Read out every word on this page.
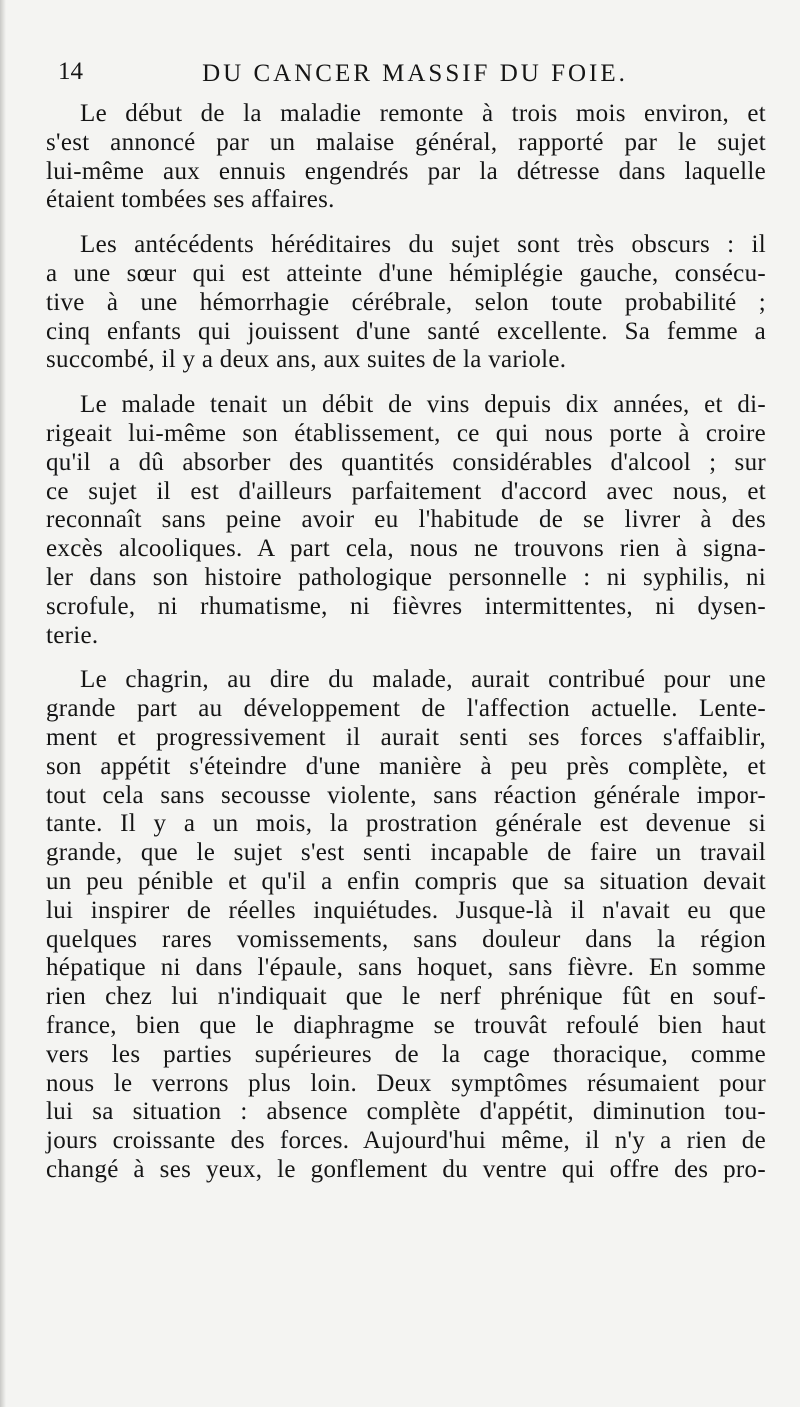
14	DU CANCER MASSIF DU FOIE.
Le début de la maladie remonte à trois mois environ, et
s'est annoncé par un malaise général, rapporté par le sujet
lui-même aux ennuis engendrés par la détresse dans laquelle
étaient tombées ses affaires.
Les antécédents héréditaires du sujet sont très obscurs : il
a une sœur qui est atteinte d'une hémiplégie gauche, consécu-
tive à une hémorrhagie cérébrale, selon toute probabilité ;
cinq enfants qui jouissent d'une santé excellente. Sa femme a
succombé, il y a deux ans, aux suites de la variole.
Le malade tenait un débit de vins depuis dix années, et di-
rigeait lui-même son établissement, ce qui nous porte à croire
qu'il a dû absorber des quantités considérables d'alcool ; sur
ce sujet il est d'ailleurs parfaitement d'accord avec nous, et
reconnaît sans peine avoir eu l'habitude de se livrer à des
excès alcooliques. A part cela, nous ne trouvons rien à signa-
ler dans son histoire pathologique personnelle : ni syphilis, ni
scrofule, ni rhumatisme, ni fièvres intermittentes, ni dysen-
terie.
Le chagrin, au dire du malade, aurait contribué pour une
grande part au développement de l'affection actuelle. Lente-
ment et progressivement il aurait senti ses forces s'affaiblir,
son appétit s'éteindre d'une manière à peu près complète, et
tout cela sans secousse violente, sans réaction générale impor-
tante. Il y a un mois, la prostration générale est devenue si
grande, que le sujet s'est senti incapable de faire un travail
un peu pénible et qu'il a enfin compris que sa situation devait
lui inspirer de réelles inquiétudes. Jusque-là il n'avait eu que
quelques rares vomissements, sans douleur dans la région
hépatique ni dans l'épaule, sans hoquet, sans fièvre. En somme
rien chez lui n'indiquait que le nerf phrénique fût en souf-
france, bien que le diaphragme se trouvât refoulé bien haut
vers les parties supérieures de la cage thoracique, comme
nous le verrons plus loin. Deux symptômes résumaient pour
lui sa situation : absence complète d'appétit, diminution tou-
jours croissante des forces. Aujourd'hui même, il n'y a rien de
changé à ses yeux, le gonflement du ventre qui offre des pro-
